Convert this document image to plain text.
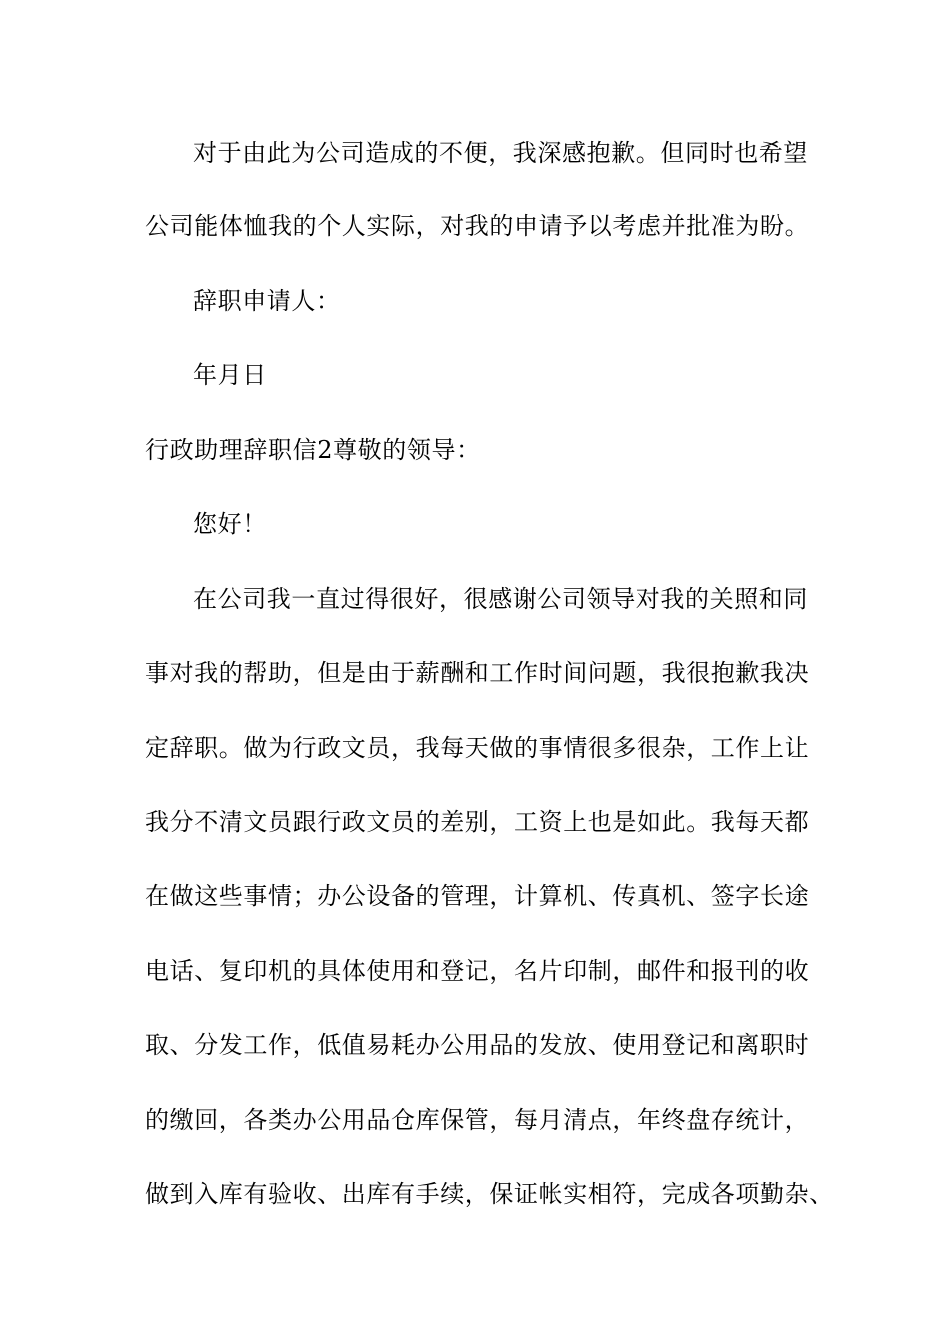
对于由此为公司造成的不便，我深感抱歉。但同时也希望
公司能体恤我的个人实际，对我的申请予以考虑并批准为盼。
辞职申请人：
年月日
行政助理辞职信2尊敬的领导：
您好！
在公司我一直过得很好，很感谢公司领导对我的关照和同
事对我的帮助，但是由于薪酬和工作时间问题，我很抱歉我决
定辞职。做为行政文员，我每天做的事情很多很杂，工作上让
我分不清文员跟行政文员的差别，工资上也是如此。我每天都
在做这些事情；办公设备的管理，计算机、传真机、签字长途
电话、复印机的具体使用和登记，名片印制，邮件和报刊的收
取、分发工作，低值易耗办公用品的发放、使用登记和离职时
的缴回，各类办公用品仓库保管，每月清点，年终盘存统计，
做到入库有验收、出库有手续，保证帐实相符，完成各项勤杂、
